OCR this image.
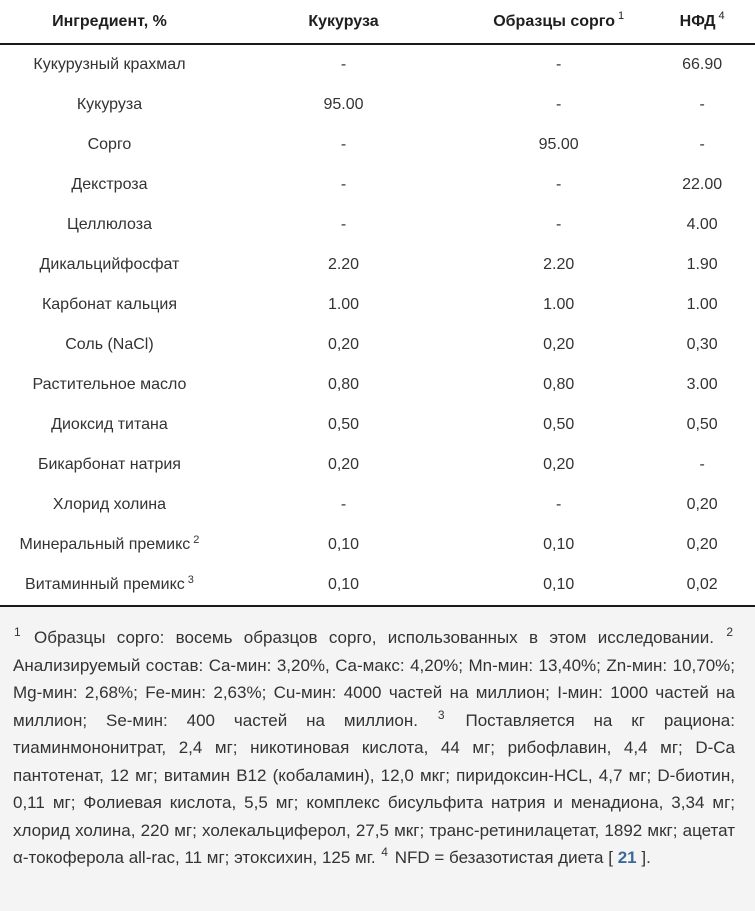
Ингредиент, %	Кукуруза	Образцы сорго $^1$	НФД $^4$
Кукурузный крахмал	-	-	66.90
Кукуруза	95.00	-	-
Сорго	-	95.00	-
Декстроза	-	-	22.00
Целлюлоза	-	-	4.00
Дикальцийфосфат	2.20	2.20	1.90
Карбонат кальция	1.00	1.00	1.00
Соль (NaCl)	0,20	0,20	0,30
Растительное масло	0,80	0,80	3.00
Диоксид титана	0,50	0,50	0,50
Бикарбонат натрия	0,20	0,20	-
Хлорид холина	-	-	0,20
Минеральный премикс $^2$	0,10	0,10	0,20
Витаминный премикс $^3$	0,10	0,10	0,02

$^1$ Образцы сорго: восемь образцов сорго, использованных в этом исследовании. $^2$ Анализируемый состав: Ca-мин: 3,20%, Ca-макс: 4,20%; Mn-мин: 13,40%; Zn-мин: 10,70%; Mg-мин: 2,68%; Fe-мин: 2,63%; Cu-мин: 4000 частей на миллион; I-мин: 1000 частей на миллион; Se-мин: 400 частей на миллион. $^3$ Поставляется на кг рациона: тиаминмононитрат, 2,4 мг; никотиновая кислота, 44 мг; рибофлавин, 4,4 мг; D-Ca пантотенат, 12 мг; витамин B12 (кобаламин), 12,0 мкг; пиридоксин-HCL, 4,7 мг; D-биотин, 0,11 мг; Фолиевая кислота, 5,5 мг; комплекс бисульфита натрия и менадиона, 3,34 мг; хлорид холина, 220 мг; холекальциферол, 27,5 мкг; транс-ретинилацетат, 1892 мкг; ацетат α-токоферола all-rac, 11 мг; этоксихин, 125 мг. $^4$ NFD = безазотистая диета [ 21 ].
